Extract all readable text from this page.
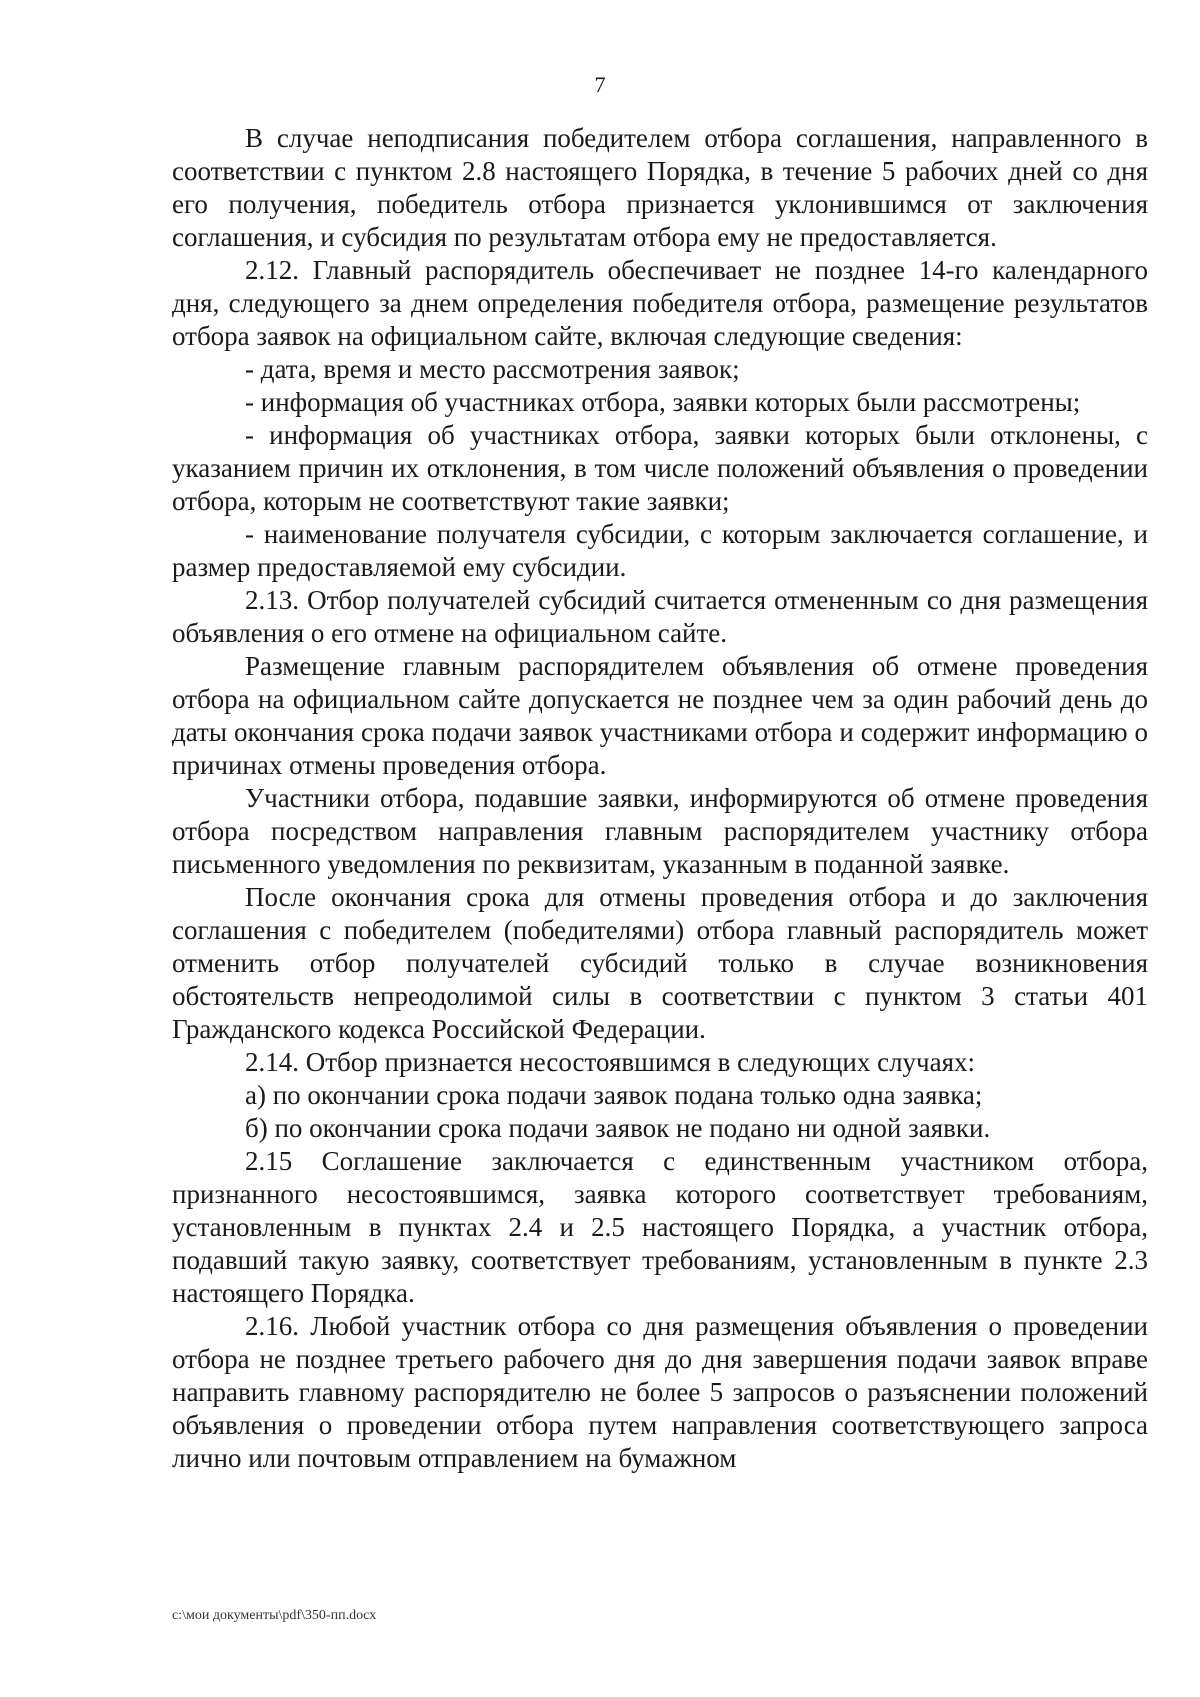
7

В случае неподписания победителем отбора соглашения, направленного в соответствии с пунктом 2.8 настоящего Порядка, в течение 5 рабочих дней со дня его получения, победитель отбора признается уклонившимся от заключения соглашения, и субсидия по результатам отбора ему не предоставляется.

2.12. Главный распорядитель обеспечивает не позднее 14-го календарного дня, следующего за днем определения победителя отбора, размещение результатов отбора заявок на официальном сайте, включая следующие сведения:

- дата, время и место рассмотрения заявок;

- информация об участниках отбора, заявки которых были рассмотрены;

- информация об участниках отбора, заявки которых были отклонены, с указанием причин их отклонения, в том числе положений объявления о проведении отбора, которым не соответствуют такие заявки;

- наименование получателя субсидии, с которым заключается соглашение, и размер предоставляемой ему субсидии.

2.13. Отбор получателей субсидий считается отмененным со дня размещения объявления о его отмене на официальном сайте.

Размещение главным распорядителем объявления об отмене проведения отбора на официальном сайте допускается не позднее чем за один рабочий день до даты окончания срока подачи заявок участниками отбора и содержит информацию о причинах отмены проведения отбора.

Участники отбора, подавшие заявки, информируются об отмене проведения отбора посредством направления главным распорядителем участнику отбора письменного уведомления по реквизитам, указанным в поданной заявке.

После окончания срока для отмены проведения отбора и до заключения соглашения с победителем (победителями) отбора главный распорядитель может отменить отбор получателей субсидий только в случае возникновения обстоятельств непреодолимой силы в соответствии с пунктом 3 статьи 401 Гражданского кодекса Российской Федерации.

2.14. Отбор признается несостоявшимся в следующих случаях:

а) по окончании срока подачи заявок подана только одна заявка;

б) по окончании срока подачи заявок не подано ни одной заявки.

2.15 Соглашение заключается с единственным участником отбора, признанного несостоявшимся, заявка которого соответствует требованиям, установленным в пунктах 2.4 и 2.5 настоящего Порядка, а участник отбора, подавший такую заявку, соответствует требованиям, установленным в пункте 2.3 настоящего Порядка.

2.16. Любой участник отбора со дня размещения объявления о проведении отбора не позднее третьего рабочего дня до дня завершения подачи заявок вправе направить главному распорядителю не более 5 запросов о разъяснении положений объявления о проведении отбора путем направления соответствующего запроса лично или почтовым отправлением на бумажном

c:\мои документы\pdf\350-пп.docx
